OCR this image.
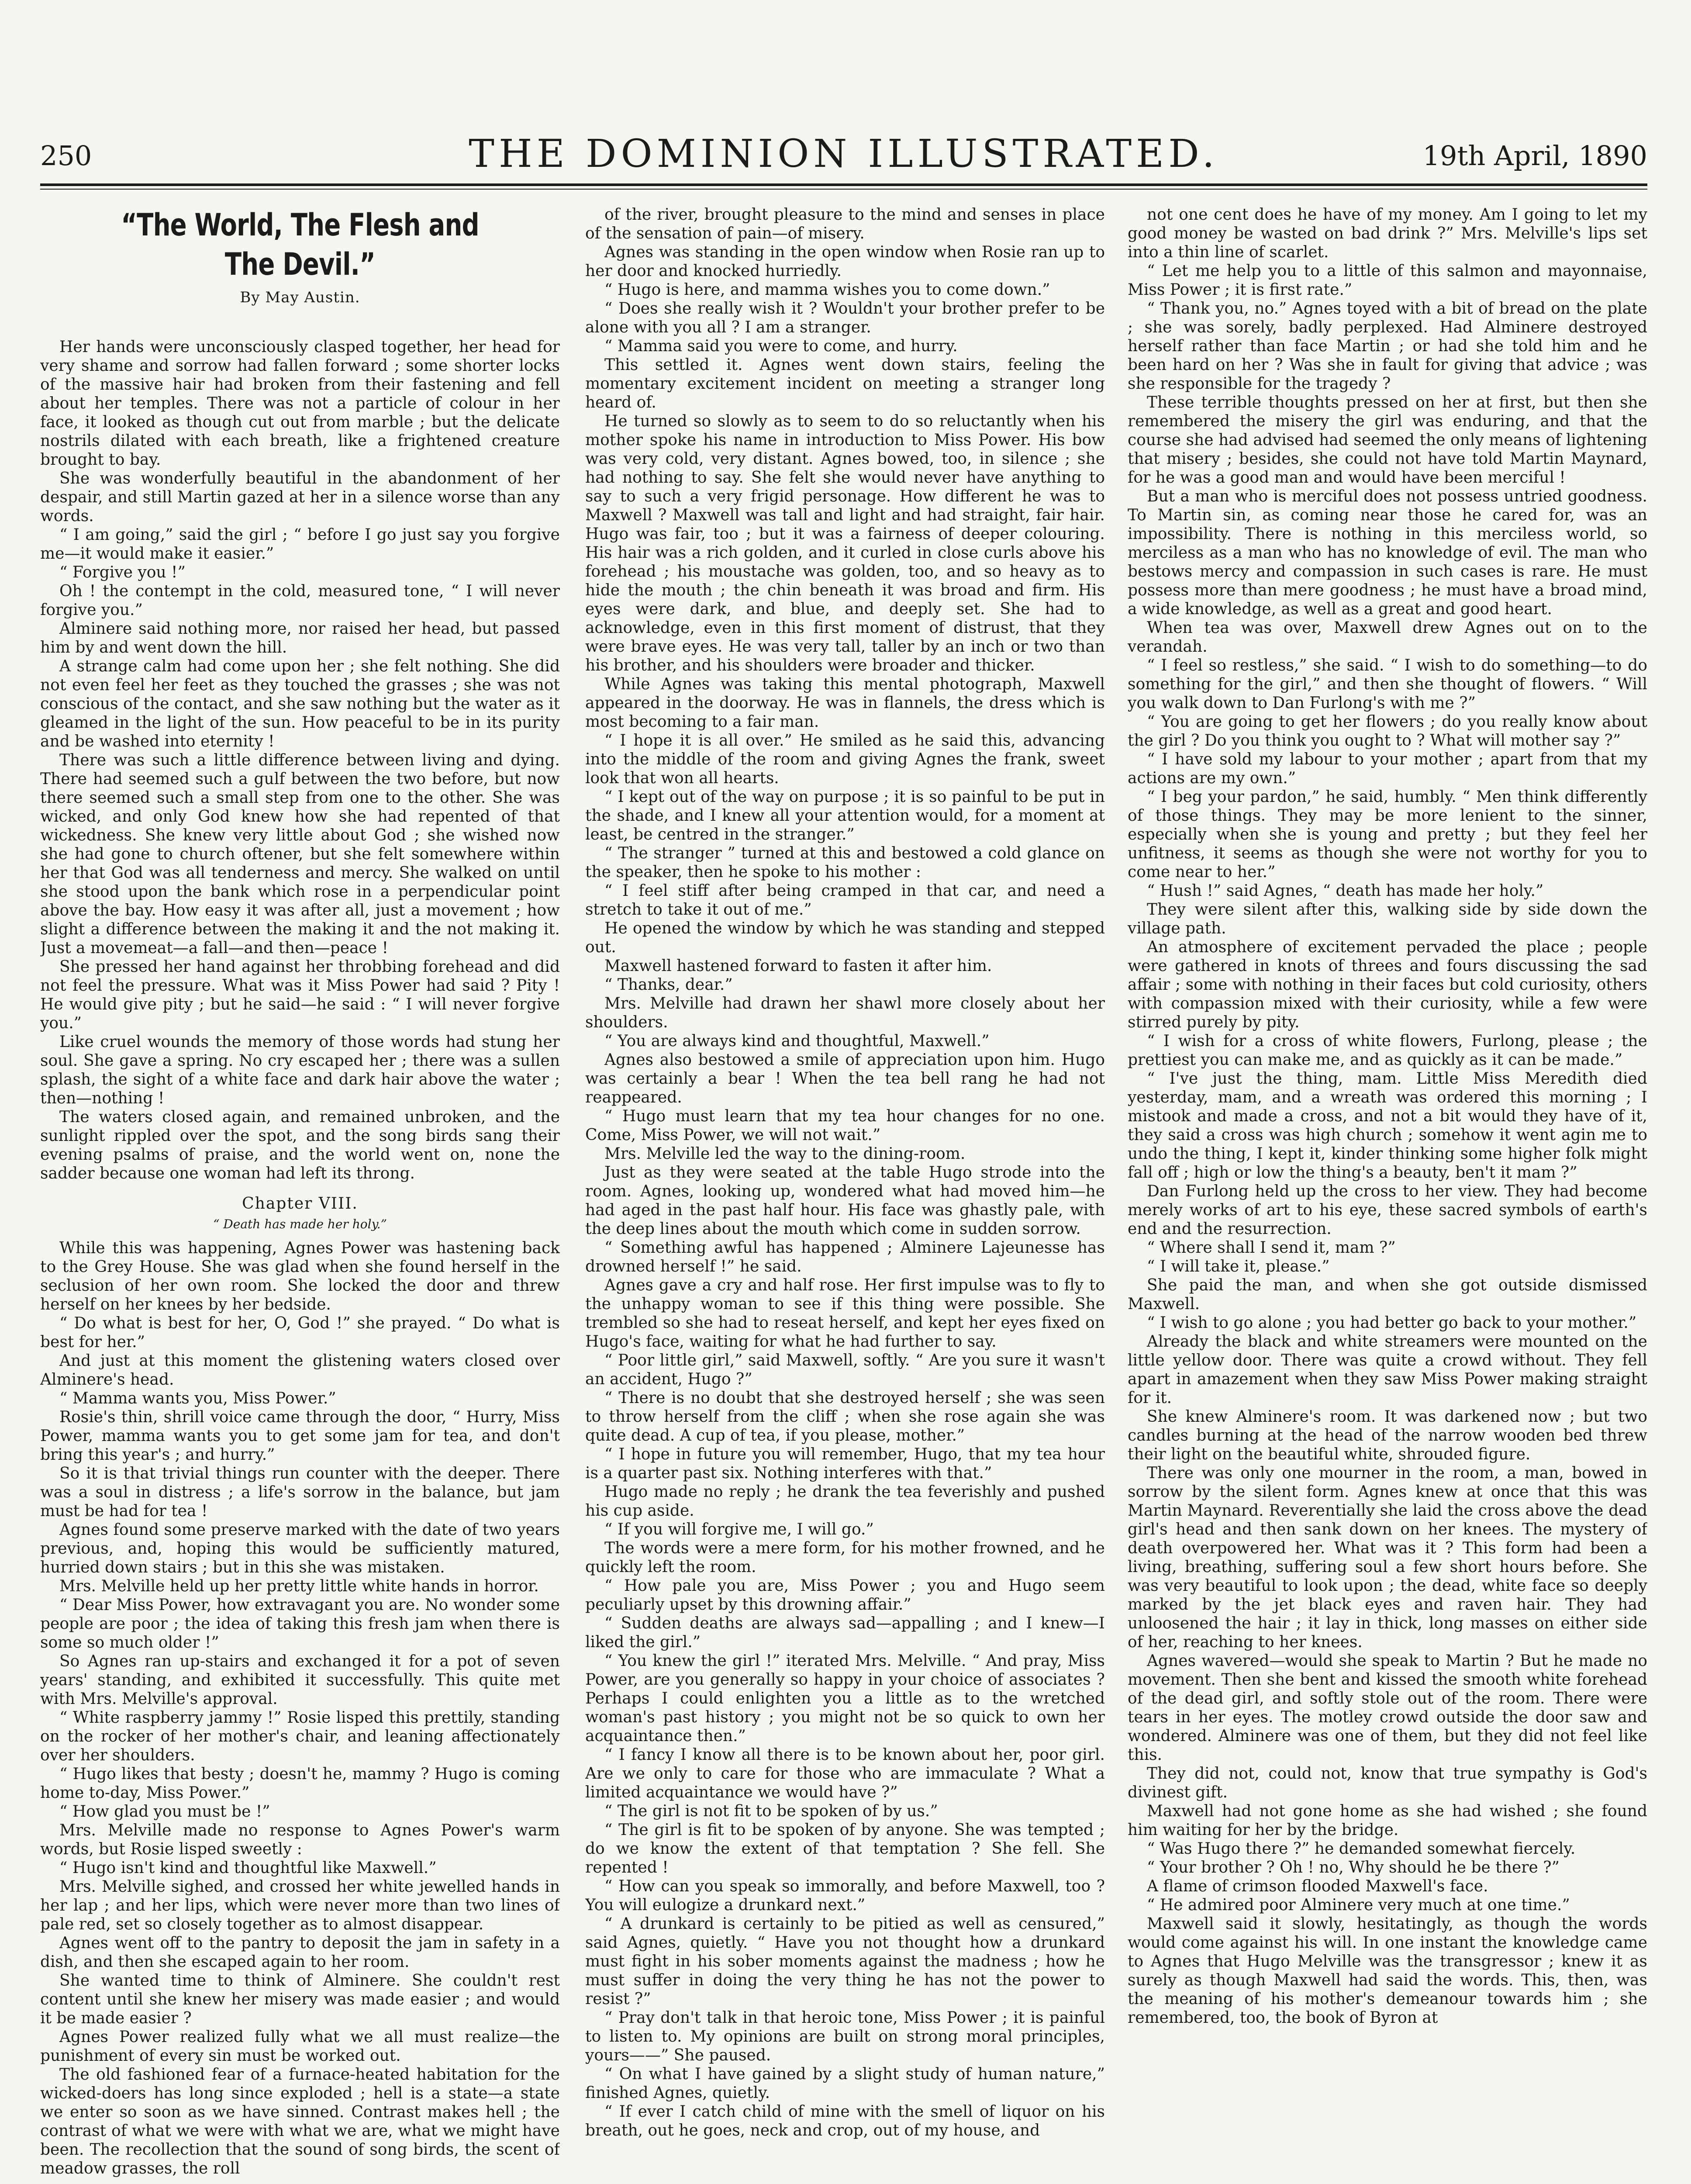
250	THE DOMINION ILLUSTRATED.	19th April, 1890
“The World, The Flesh and The Devil.”
By May Austin.

Her hands were unconsciously clasped together, her head for very shame and sorrow had fallen forward ; some shorter locks of the massive hair had broken from their fastening and fell about her temples. There was not a particle of colour in her face, it looked as though cut out from marble ; but the delicate nostrils dilated with each breath, like a frightened creature brought to bay.

She was wonderfully beautiful in the abandonment of her despair, and still Martin gazed at her in a silence worse than any words.

“ I am going,” said the girl ; “ before I go just say you forgive me—it would make it easier.”

“ Forgive you !”

Oh ! the contempt in the cold, measured tone, “ I will never forgive you.”

Alminere said nothing more, nor raised her head, but passed him by and went down the hill.

A strange calm had come upon her ; she felt nothing. She did not even feel her feet as they touched the grasses ; she was not conscious of the contact, and she saw nothing but the water as it gleamed in the light of the sun. How peaceful to be in its purity and be washed into eternity !

There was such a little difference between living and dying. There had seemed such a gulf between the two before, but now there seemed such a small step from one to the other. She was wicked, and only God knew how she had repented of that wickedness. She knew very little about God ; she wished now she had gone to church oftener, but she felt somewhere within her that God was all tenderness and mercy. She walked on until she stood upon the bank which rose in a perpendicular point above the bay. How easy it was after all, just a movement ; how slight a difference between the making it and the not making it. Just a movemeat—a fall—and then—peace !

She pressed her hand against her throbbing forehead and did not feel the pressure. What was it Miss Power had said ? Pity ! He would give pity ; but he said—he said : “ I will never forgive you.”

Like cruel wounds the memory of those words had stung her soul. She gave a spring. No cry escaped her ; there was a sullen splash, the sight of a white face and dark hair above the water ; then—nothing !

The waters closed again, and remained unbroken, and the sunlight rippled over the spot, and the song birds sang their evening psalms of praise, and the world went on, none the sadder because one woman had left its throng.

Chapter VIII.
“ Death has made her holy.”

While this was happening, Agnes Power was hastening back to the Grey House. She was glad when she found herself in the seclusion of her own room. She locked the door and threw herself on her knees by her bedside.

“ Do what is best for her, O, God !” she prayed. “ Do what is best for her.”

And just at this moment the glistening waters closed over Alminere's head.

“ Mamma wants you, Miss Power.”

Rosie's thin, shrill voice came through the door, “ Hurry, Miss Power, mamma wants you to get some jam for tea, and don't bring this year's ; and hurry.”

So it is that trivial things run counter with the deeper. There was a soul in distress ; a life's sorrow in the balance, but jam must be had for tea !

Agnes found some preserve marked with the date of two years previous, and, hoping this would be sufficiently matured, hurried down stairs ; but in this she was mistaken.

Mrs. Melville held up her pretty little white hands in horror.

“ Dear Miss Power, how extravagant you are. No wonder some people are poor ; the idea of taking this fresh jam when there is some so much older !”

So Agnes ran up-stairs and exchanged it for a pot of seven years' standing, and exhibited it successfully. This quite met with Mrs. Melville's approval.

“ White raspberry jammy !” Rosie lisped this prettily, standing on the rocker of her mother's chair, and leaning affectionately over her shoulders.

“ Hugo likes that besty ; doesn't he, mammy ? Hugo is coming home to-day, Miss Power.”

“ How glad you must be !”

Mrs. Melville made no response to Agnes Power's warm words, but Rosie lisped sweetly :

“ Hugo isn't kind and thoughtful like Maxwell.”

Mrs. Melville sighed, and crossed her white jewelled hands in her lap ; and her lips, which were never more than two lines of pale red, set so closely together as to almost disappear.

Agnes went off to the pantry to deposit the jam in safety in a dish, and then she escaped again to her room.

She wanted time to think of Alminere. She couldn't rest content until she knew her misery was made easier ; and would it be made easier ?

Agnes Power realized fully what we all must realize—the punishment of every sin must be worked out.

The old fashioned fear of a furnace-heated habitation for the wicked-doers has long since exploded ; hell is a state—a state we enter so soon as we have sinned. Contrast makes hell ; the contrast of what we were with what we are, what we might have been. The recollection that the sound of song birds, the scent of meadow grasses, the roll

of the river, brought pleasure to the mind and senses in place of the sensation of pain—of misery.

Agnes was standing in the open window when Rosie ran up to her door and knocked hurriedly.

“ Hugo is here, and mamma wishes you to come down.”

“ Does she really wish it ? Wouldn't your brother prefer to be alone with you all ? I am a stranger.

“ Mamma said you were to come, and hurry.

This settled it. Agnes went down stairs, feeling the momentary excitement incident on meeting a stranger long heard of.

He turned so slowly as to seem to do so reluctantly when his mother spoke his name in introduction to Miss Power. His bow was very cold, very distant. Agnes bowed, too, in silence ; she had nothing to say. She felt she would never have anything to say to such a very frigid personage. How different he was to Maxwell ? Maxwell was tall and light and had straight, fair hair. Hugo was fair, too ; but it was a fairness of deeper colouring. His hair was a rich golden, and it curled in close curls above his forehead ; his moustache was golden, too, and so heavy as to hide the mouth ; the chin beneath it was broad and firm. His eyes were dark, and blue, and deeply set. She had to acknowledge, even in this first moment of distrust, that they were brave eyes. He was very tall, taller by an inch or two than his brother, and his shoulders were broader and thicker.

While Agnes was taking this mental photograph, Maxwell appeared in the doorway. He was in flannels, the dress which is most becoming to a fair man.

“ I hope it is all over.” He smiled as he said this, advancing into the middle of the room and giving Agnes the frank, sweet look that won all hearts.

“ I kept out of the way on purpose ; it is so painful to be put in the shade, and I knew all your attention would, for a moment at least, be centred in the stranger.”

“ The stranger ” turned at this and bestowed a cold glance on the speaker, then he spoke to his mother :

“ I feel stiff after being cramped in that car, and need a stretch to take it out of me.”

He opened the window by which he was standing and stepped out.

Maxwell hastened forward to fasten it after him.

“ Thanks, dear.”

Mrs. Melville had drawn her shawl more closely about her shoulders.

“ You are always kind and thoughtful, Maxwell.”

Agnes also bestowed a smile of appreciation upon him. Hugo was certainly a bear ! When the tea bell rang he had not reappeared.

“ Hugo must learn that my tea hour changes for no one. Come, Miss Power, we will not wait.”

Mrs. Melville led the way to the dining-room.

Just as they were seated at the table Hugo strode into the room. Agnes, looking up, wondered what had moved him—he had aged in the past half hour. His face was ghastly pale, with the deep lines about the mouth which come in sudden sorrow.

“ Something awful has happened ; Alminere Lajeunesse has drowned herself !” he said.

Agnes gave a cry and half rose. Her first impulse was to fly to the unhappy woman to see if this thing were possible. She trembled so she had to reseat herself, and kept her eyes fixed on Hugo's face, waiting for what he had further to say.

“ Poor little girl,” said Maxwell, softly. “ Are you sure it wasn't an accident, Hugo ?”

“ There is no doubt that she destroyed herself ; she was seen to throw herself from the cliff ; when she rose again she was quite dead. A cup of tea, if you please, mother.”

“ I hope in future you will remember, Hugo, that my tea hour is a quarter past six. Nothing interferes with that.”

Hugo made no reply ; he drank the tea feverishly and pushed his cup aside.

“ If you will forgive me, I will go.”

The words were a mere form, for his mother frowned, and he quickly left the room.

“ How pale you are, Miss Power ; you and Hugo seem peculiarly upset by this drowning affair.”

“ Sudden deaths are always sad—appalling ; and I knew—I liked the girl.”

“ You knew the girl !” iterated Mrs. Melville. “ And pray, Miss Power, are you generally so happy in your choice of associates ? Perhaps I could enlighten you a little as to the wretched woman's past history ; you might not be so quick to own her acquaintance then.”

“ I fancy I know all there is to be known about her, poor girl. Are we only to care for those who are immaculate ? What a limited acquaintance we would have ?”

“ The girl is not fit to be spoken of by us.”

“ The girl is fit to be spoken of by anyone. She was tempted ; do we know the extent of that temptation ? She fell. She repented !

“ How can you speak so immorally, and before Maxwell, too ? You will eulogize a drunkard next.”

“ A drunkard is certainly to be pitied as well as censured,” said Agnes, quietly. “ Have you not thought how a drunkard must fight in his sober moments against the madness ; how he must suffer in doing the very thing he has not the power to resist ?”

“ Pray don't talk in that heroic tone, Miss Power ; it is painful to listen to. My opinions are built on strong moral principles, yours——” She paused.

“ On what I have gained by a slight study of human nature,” finished Agnes, quietly.

“ If ever I catch child of mine with the smell of liquor on his breath, out he goes, neck and crop, out of my house, and

not one cent does he have of my money. Am I going to let my good money be wasted on bad drink ?” Mrs. Melville's lips set into a thin line of scarlet.

“ Let me help you to a little of this salmon and mayonnaise, Miss Power ; it is first rate.”

“ Thank you, no.” Agnes toyed with a bit of bread on the plate ; she was sorely, badly perplexed. Had Alminere destroyed herself rather than face Martin ; or had she told him and he been hard on her ? Was she in fault for giving that advice ; was she responsible for the tragedy ?

These terrible thoughts pressed on her at first, but then she remembered the misery the girl was enduring, and that the course she had advised had seemed the only means of lightening that misery ; besides, she could not have told Martin Maynard, for he was a good man and would have been merciful !

But a man who is merciful does not possess untried goodness. To Martin sin, as coming near those he cared for, was an impossibility. There is nothing in this merciless world, so merciless as a man who has no knowledge of evil. The man who bestows mercy and compassion in such cases is rare. He must possess more than mere goodness ; he must have a broad mind, a wide knowledge, as well as a great and good heart.

When tea was over, Maxwell drew Agnes out on to the verandah.

“ I feel so restless,” she said. “ I wish to do something—to do something for the girl,” and then she thought of flowers. “ Will you walk down to Dan Furlong's with me ?”

“ You are going to get her flowers ; do you really know about the girl ? Do you think you ought to ? What will mother say ?”

“ I have sold my labour to your mother ; apart from that my actions are my own.”

“ I beg your pardon,” he said, humbly. “ Men think differently of those things. They may be more lenient to the sinner, especially when she is young and pretty ; but they feel her unfitness, it seems as though she were not worthy for you to come near to her.”

“ Hush !” said Agnes, “ death has made her holy.”

They were silent after this, walking side by side down the village path.

An atmosphere of excitement pervaded the place ; people were gathered in knots of threes and fours discussing the sad affair ; some with nothing in their faces but cold curiosity, others with compassion mixed with their curiosity, while a few were stirred purely by pity.

“ I wish for a cross of white flowers, Furlong, please ; the prettiest you can make me, and as quickly as it can be made.”

“ I've just the thing, mam. Little Miss Meredith died yesterday, mam, and a wreath was ordered this morning ; I mistook and made a cross, and not a bit would they have of it, they said a cross was high church ; somehow it went agin me to undo the thing, I kept it, kinder thinking some higher folk might fall off ; high or low the thing's a beauty, ben't it mam ?”

Dan Furlong held up the cross to her view. They had become merely works of art to his eye, these sacred symbols of earth's end and the resurrection.

“ Where shall I send it, mam ?”

“ I will take it, please.”

She paid the man, and when she got outside dismissed Maxwell.

“ I wish to go alone ; you had better go back to your mother.”

Already the black and white streamers were mounted on the little yellow door. There was quite a crowd without. They fell apart in amazement when they saw Miss Power making straight for it.

She knew Alminere's room. It was darkened now ; but two candles burning at the head of the narrow wooden bed threw their light on the beautiful white, shrouded figure.

There was only one mourner in the room, a man, bowed in sorrow by the silent form. Agnes knew at once that this was Martin Maynard. Reverentially she laid the cross above the dead girl's head and then sank down on her knees. The mystery of death overpowered her. What was it ? This form had been a living, breathing, suffering soul a few short hours before. She was very beautiful to look upon ; the dead, white face so deeply marked by the jet black eyes and raven hair. They had unloosened the hair ; it lay in thick, long masses on either side of her, reaching to her knees.

Agnes wavered—would she speak to Martin ? But he made no movement. Then she bent and kissed the smooth white forehead of the dead girl, and softly stole out of the room. There were tears in her eyes. The motley crowd outside the door saw and wondered. Alminere was one of them, but they did not feel like this.

They did not, could not, know that true sympathy is God's divinest gift.

Maxwell had not gone home as she had wished ; she found him waiting for her by the bridge.

“ Was Hugo there ?” he demanded somewhat fiercely.

“ Your brother ? Oh ! no, Why should he be there ?”

A flame of crimson flooded Maxwell's face.

“ He admired poor Alminere very much at one time.”

Maxwell said it slowly, hesitatingly, as though the words would come against his will. In one instant the knowledge came to Agnes that Hugo Melville was the transgressor ; knew it as surely as though Maxwell had said the words. This, then, was the meaning of his mother's demeanour towards him ; she remembered, too, the book of Byron at
